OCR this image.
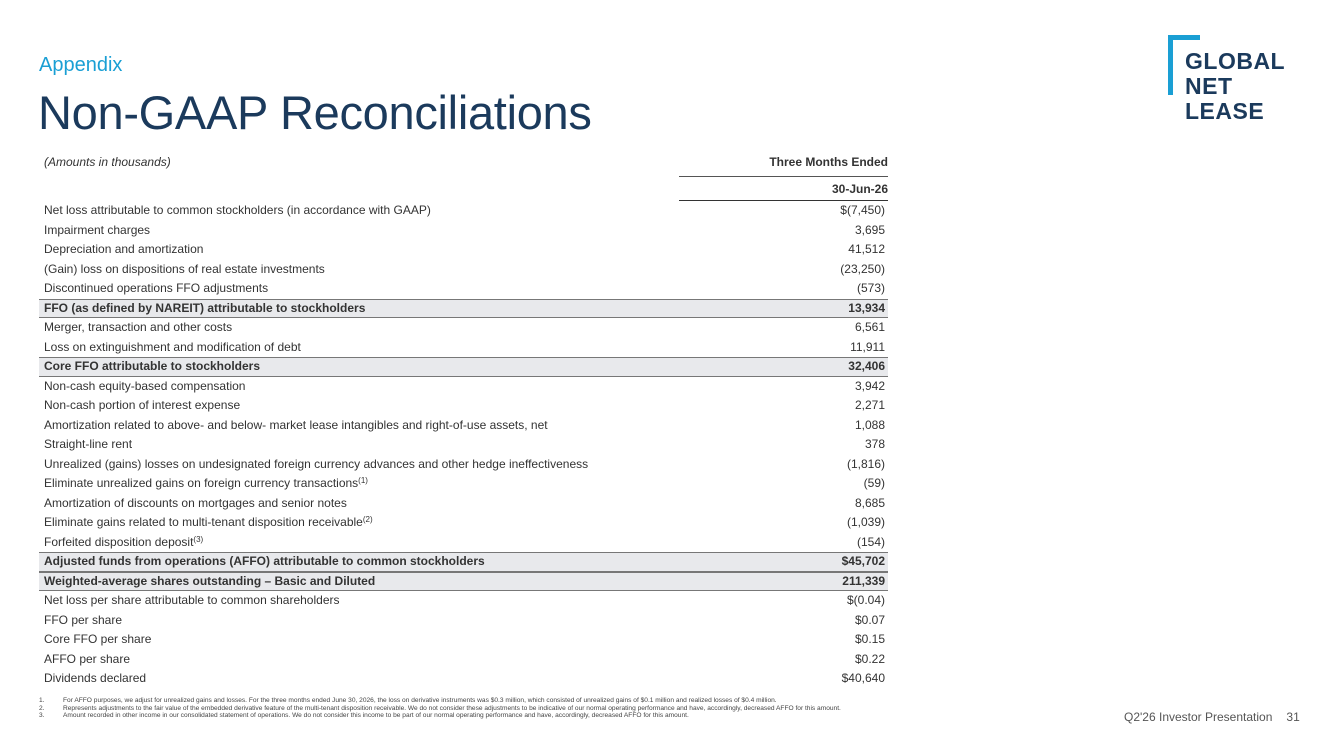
Appendix
Non-GAAP Reconciliations
GLOBAL
NET
LEASE
(Amounts in thousands)	Three Months Ended
30-Jun-26
Net loss attributable to common stockholders (in accordance with GAAP)	$(7,450)
Impairment charges	3,695
Depreciation and amortization	41,512
(Gain) loss on dispositions of real estate investments	(23,250)
Discontinued operations FFO adjustments	(573)
FFO (as defined by NAREIT) attributable to stockholders	13,934
Merger, transaction and other costs	6,561
Loss on extinguishment and modification of debt	11,911
Core FFO attributable to stockholders	32,406
Non-cash equity-based compensation	3,942
Non-cash portion of interest expense	2,271
Amortization related to above- and below- market lease intangibles and right-of-use assets, net	1,088
Straight-line rent	378
Unrealized (gains) losses on undesignated foreign currency advances and other hedge ineffectiveness	(1,816)
Eliminate unrealized gains on foreign currency transactions$^{(1)}$	(59)
Amortization of discounts on mortgages and senior notes	8,685
Eliminate gains related to multi-tenant disposition receivable$^{(2)}$	(1,039)
Forfeited disposition deposit$^{(3)}$	(154)
Adjusted funds from operations (AFFO) attributable to common stockholders	$45,702
Weighted-average shares outstanding – Basic and Diluted	211,339
Net loss per share attributable to common shareholders	$(0.04)
FFO per share	$0.07
Core FFO per share	$0.15
AFFO per share	$0.22
Dividends declared	$40,640
1.	For AFFO purposes, we adjust for unrealized gains and losses. For the three months ended June 30, 2026, the loss on derivative instruments was $0.3 million, which consisted of unrealized gains of $0.1 million and realized losses of $0.4 million.
2.	Represents adjustments to the fair value of the embedded derivative feature of the multi-tenant disposition receivable. We do not consider these adjustments to be indicative of our normal operating performance and have, accordingly, decreased AFFO for this amount.
3.	Amount recorded in other income in our consolidated statement of operations. We do not consider this income to be part of our normal operating performance and have, accordingly, decreased AFFO for this amount.	Q2'26 Investor Presentation 31
